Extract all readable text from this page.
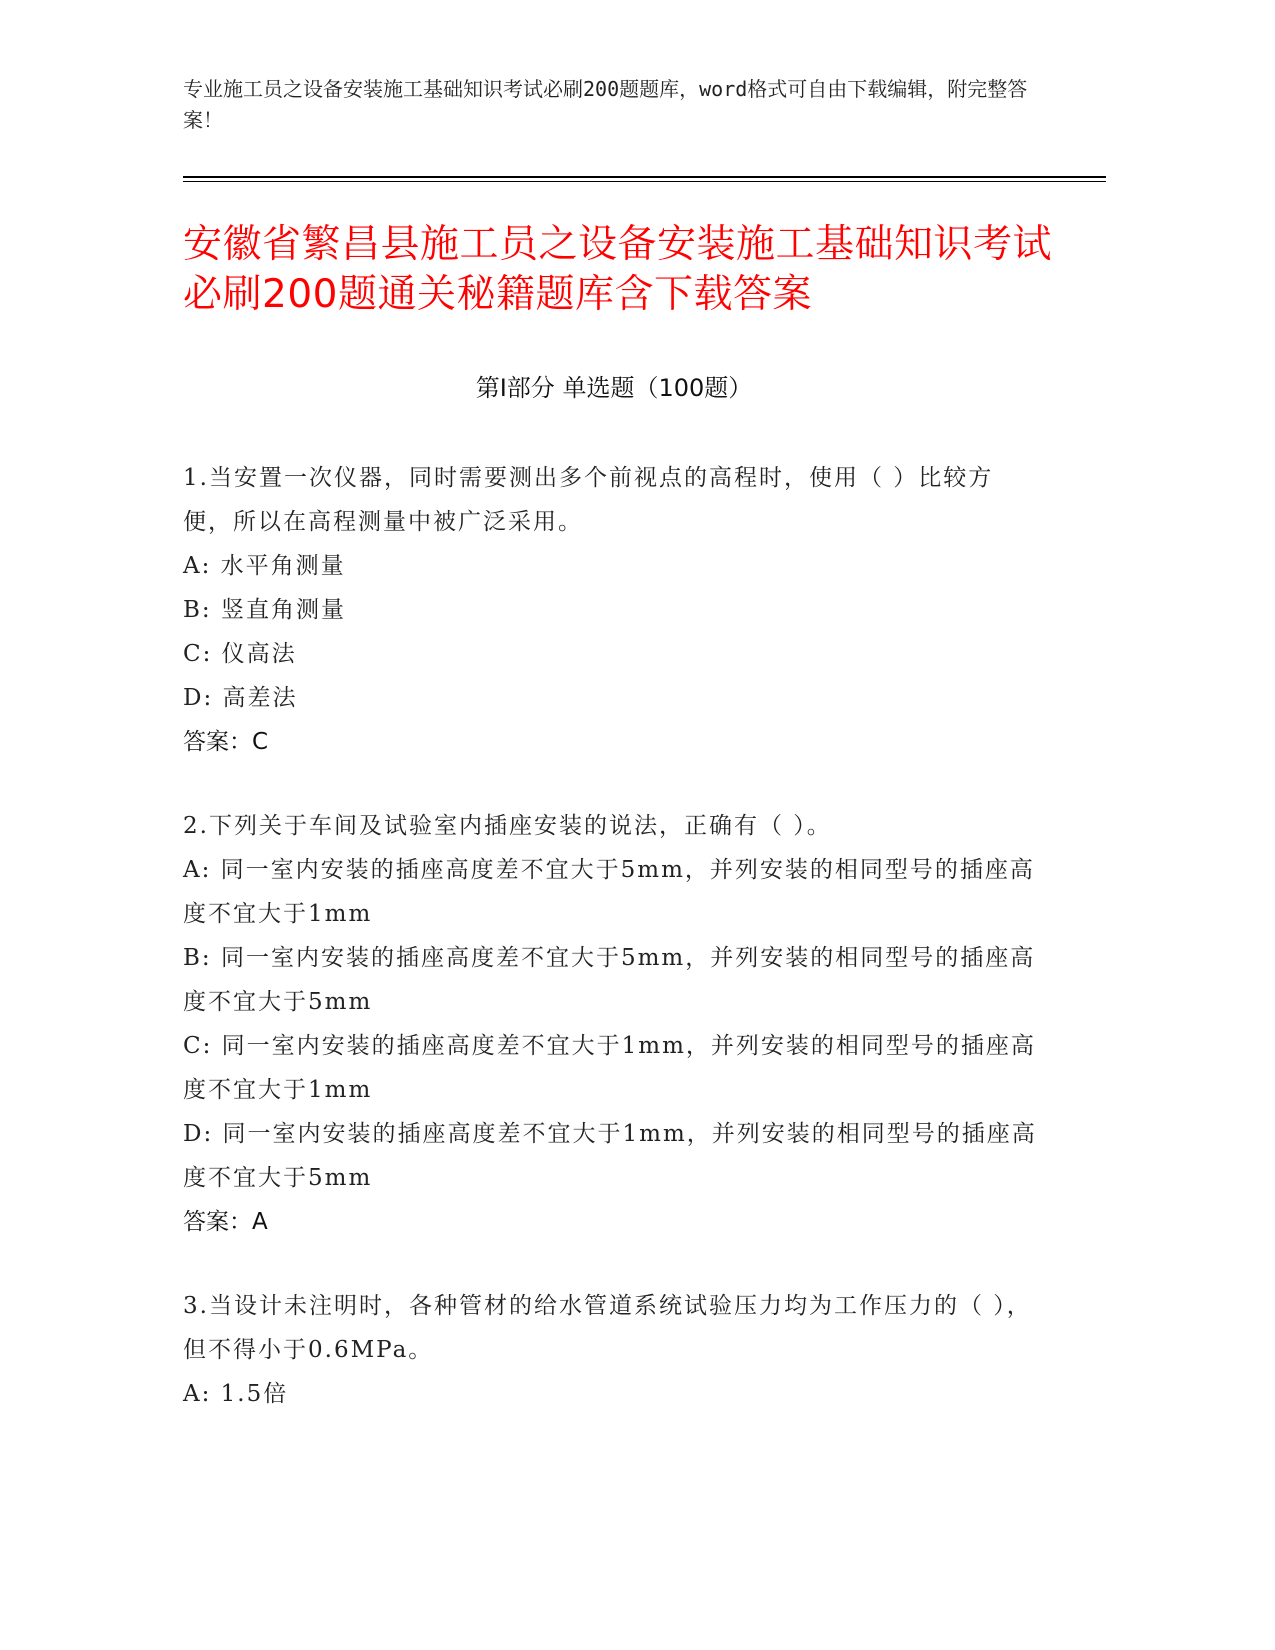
专业施工员之设备安装施工基础知识考试必刷200题题库，word格式可自由下载编辑，附完整答案！
安徽省繁昌县施工员之设备安装施工基础知识考试必刷200题通关秘籍题库含下载答案
第Ⅰ部分 单选题（100题）
1.当安置一次仪器，同时需要测出多个前视点的高程时，使用（ ）比较方便，所以在高程测量中被广泛采用。
A: 水平角测量
B: 竖直角测量
C: 仪高法
D: 高差法
答案：C
2.下列关于车间及试验室内插座安装的说法，正确有（ ）。
A: 同一室内安装的插座高度差不宜大于5mm，并列安装的相同型号的插座高度不宜大于1mm
B: 同一室内安装的插座高度差不宜大于5mm，并列安装的相同型号的插座高度不宜大于5mm
C: 同一室内安装的插座高度差不宜大于1mm，并列安装的相同型号的插座高度不宜大于1mm
D: 同一室内安装的插座高度差不宜大于1mm，并列安装的相同型号的插座高度不宜大于5mm
答案：A
3.当设计未注明时，各种管材的给水管道系统试验压力均为工作压力的（ ），但不得小于0.6MPa。
A: 1.5倍
